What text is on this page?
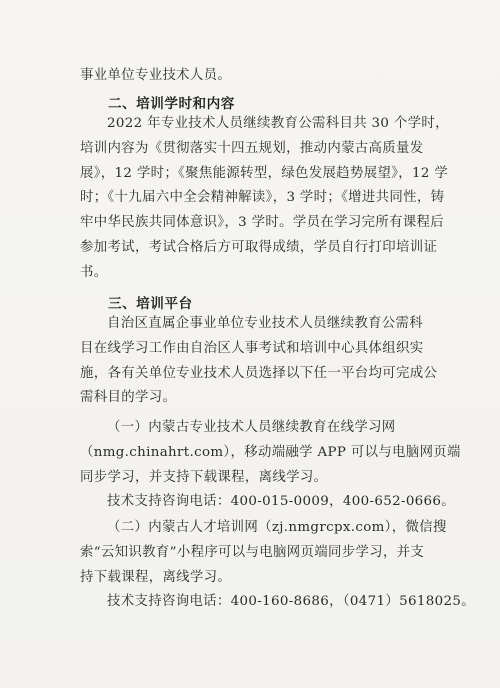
事业单位专业技术人员。

二、培训学时和内容

2022 年专业技术人员继续教育公需科目共 30 个学时，
培训内容为《贯彻落实十四五规划，推动内蒙古高质量发
展》，12 学时；《聚焦能源转型，绿色发展趋势展望》，12 学
时；《十九届六中全会精神解读》，3 学时；《增进共同性，铸
牢中华民族共同体意识》，3 学时。学员在学习完所有课程后
参加考试，考试合格后方可取得成绩，学员自行打印培训证
书。

三、培训平台

自治区直属企事业单位专业技术人员继续教育公需科
目在线学习工作由自治区人事考试和培训中心具体组织实
施，各有关单位专业技术人员选择以下任一平台均可完成公
需科目的学习。
（一）内蒙古专业技术人员继续教育在线学习网
（nmg.chinahrt.com），移动端融学 APP 可以与电脑网页端
同步学习，并支持下载课程，离线学习。
技术支持咨询电话：400-015-0009，400-652-0666。
（二）内蒙古人才培训网（zj.nmgrcpx.com），微信搜
索“云知识教育”小程序可以与电脑网页端同步学习，并支
持下载课程，离线学习。
技术支持咨询电话：400-160-8686，（0471）5618025。
